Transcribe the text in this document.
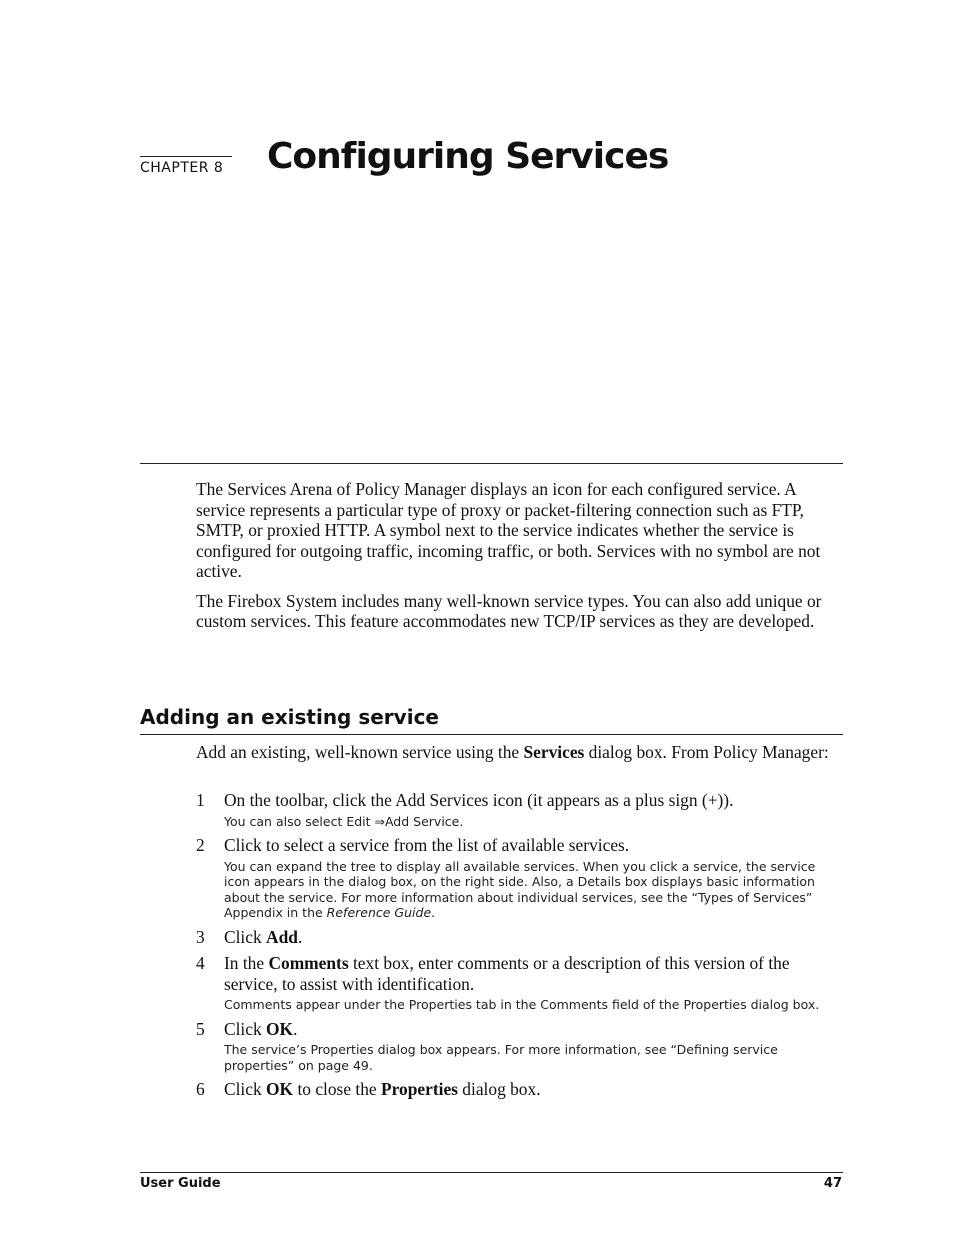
CHAPTER 8 Configuring Services

The Services Arena of Policy Manager displays an icon for each configured service. A service represents a particular type of proxy or packet-filtering connection such as FTP, SMTP, or proxied HTTP. A symbol next to the service indicates whether the service is configured for outgoing traffic, incoming traffic, or both. Services with no symbol are not active.

The Firebox System includes many well-known service types. You can also add unique or custom services. This feature accommodates new TCP/IP services as they are developed.

Adding an existing service

Add an existing, well-known service using the Services dialog box. From Policy Manager:

1 On the toolbar, click the Add Services icon (it appears as a plus sign (+)).
You can also select Edit ⇒Add Service.
2 Click to select a service from the list of available services.
You can expand the tree to display all available services. When you click a service, the service icon appears in the dialog box, on the right side. Also, a Details box displays basic information about the service. For more information about individual services, see the “Types of Services” Appendix in the Reference Guide.
3 Click Add.
4 In the Comments text box, enter comments or a description of this version of the service, to assist with identification.
Comments appear under the Properties tab in the Comments field of the Properties dialog box.
5 Click OK.
The service’s Properties dialog box appears. For more information, see “Defining service properties” on page 49.
6 Click OK to close the Properties dialog box.
User Guide	47
